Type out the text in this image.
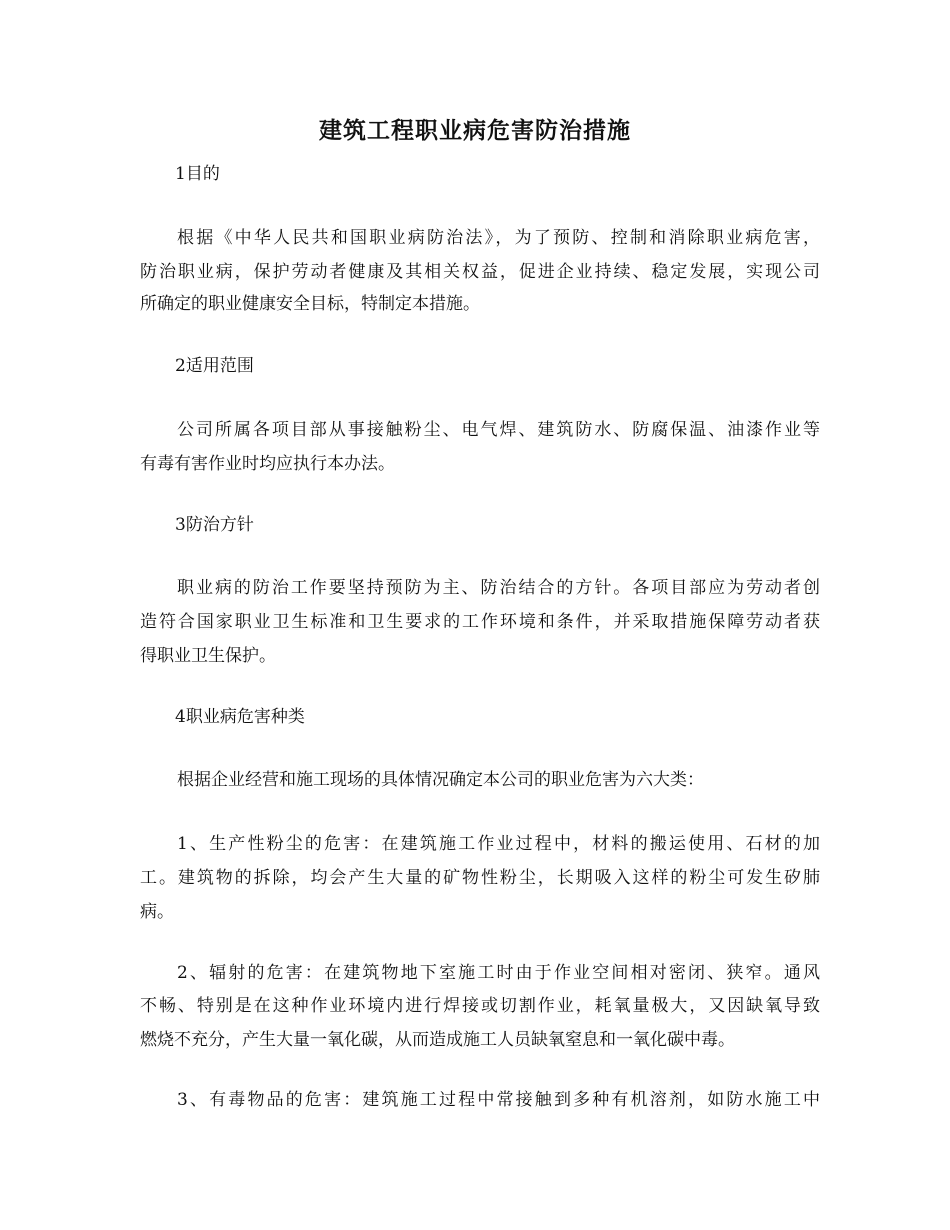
建筑工程职业病危害防治措施

1目的

根据《中华人民共和国职业病防治法》，为了预防、控制和消除职业病危害，

防治职业病，保护劳动者健康及其相关权益，促进企业持续、稳定发展，实现公司

所确定的职业健康安全目标，特制定本措施。

2适用范围

公司所属各项目部从事接触粉尘、电气焊、建筑防水、防腐保温、油漆作业等

有毒有害作业时均应执行本办法。

3防治方针

职业病的防治工作要坚持预防为主、防治结合的方针。各项目部应为劳动者创

造符合国家职业卫生标准和卫生要求的工作环境和条件，并采取措施保障劳动者获

得职业卫生保护。

4职业病危害种类

根据企业经营和施工现场的具体情况确定本公司的职业危害为六大类：

1、生产性粉尘的危害：在建筑施工作业过程中，材料的搬运使用、石材的加

工。建筑物的拆除，均会产生大量的矿物性粉尘，长期吸入这样的粉尘可发生矽肺

病。

2、辐射的危害：在建筑物地下室施工时由于作业空间相对密闭、狭窄。通风

不畅、特别是在这种作业环境内进行焊接或切割作业，耗氧量极大，又因缺氧导致

燃烧不充分，产生大量一氧化碳，从而造成施工人员缺氧窒息和一氧化碳中毒。

3、有毒物品的危害：建筑施工过程中常接触到多种有机溶剂，如防水施工中
